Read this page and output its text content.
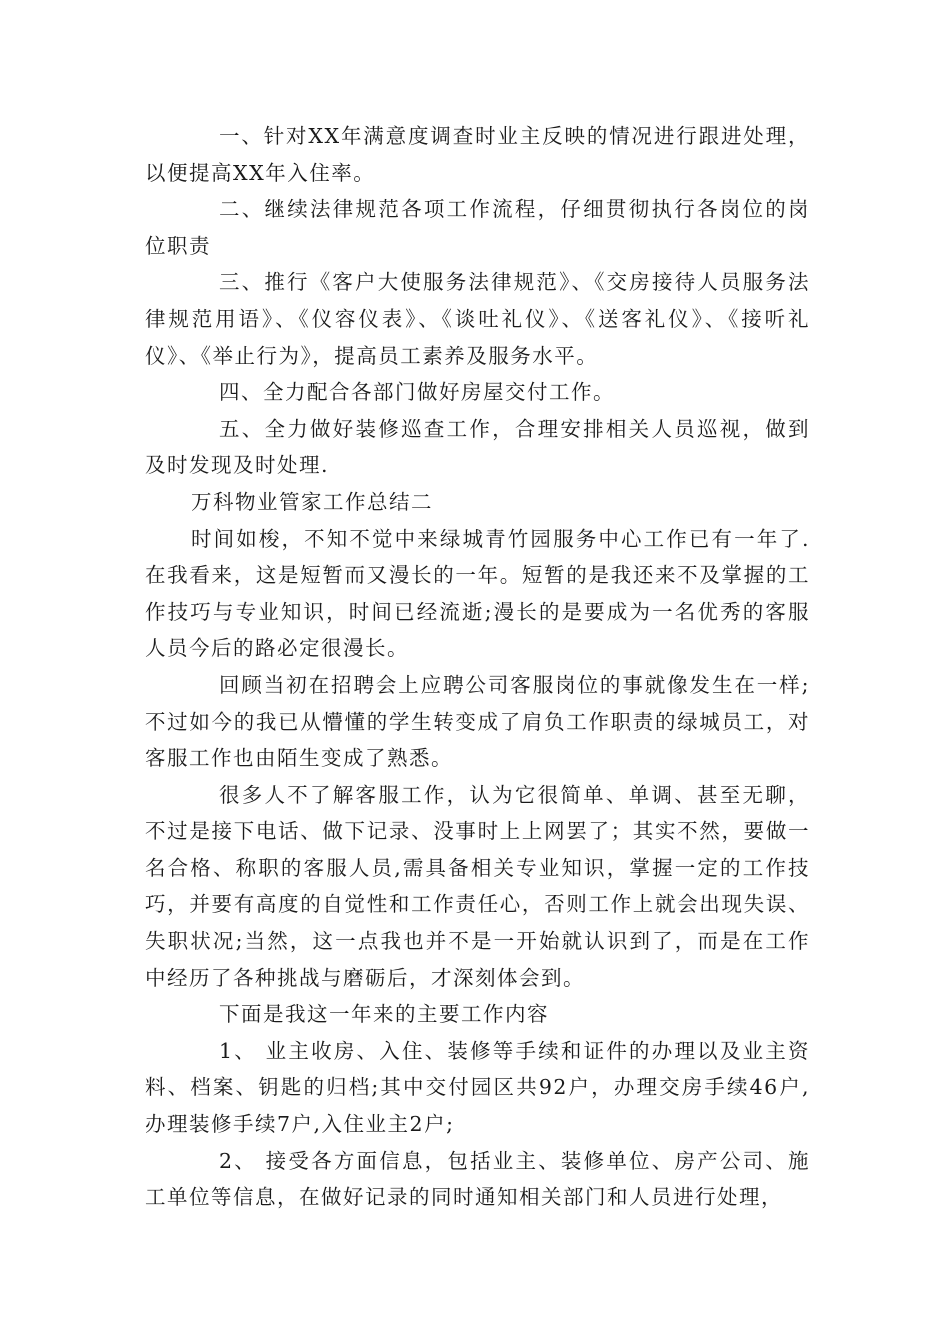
一、针对XX年满意度调查时业主反映的情况进行跟进处理，以便提高XX年入住率。

二、继续法律规范各项工作流程，仔细贯彻执行各岗位的岗位职责

三、推行《客户大使服务法律规范》、《交房接待人员服务法律规范用语》、《仪容仪表》、《谈吐礼仪》、《送客礼仪》、《接听礼仪》、《举止行为》，提高员工素养及服务水平。

四、全力配合各部门做好房屋交付工作。

五、全力做好装修巡查工作，合理安排相关人员巡视，做到及时发现及时处理.

万科物业管家工作总结二

时间如梭，不知不觉中来绿城青竹园服务中心工作已有一年了.在我看来，这是短暂而又漫长的一年。短暂的是我还来不及掌握的工作技巧与专业知识，时间已经流逝;漫长的是要成为一名优秀的客服人员今后的路必定很漫长。

回顾当初在招聘会上应聘公司客服岗位的事就像发生在一样;不过如今的我已从懵懂的学生转变成了肩负工作职责的绿城员工，对客服工作也由陌生变成了熟悉。

很多人不了解客服工作，认为它很简单、单调、甚至无聊，不过是接下电话、做下记录、没事时上上网罢了；其实不然，要做一名合格、称职的客服人员,需具备相关专业知识，掌握一定的工作技巧，并要有高度的自觉性和工作责任心，否则工作上就会出现失误、失职状况;当然，这一点我也并不是一开始就认识到了，而是在工作中经历了各种挑战与磨砺后，才深刻体会到。

下面是我这一年来的主要工作内容

1、 业主收房、入住、装修等手续和证件的办理以及业主资料、档案、钥匙的归档;其中交付园区共92户，办理交房手续46户,办理装修手续7户,入住业主2户;

2、 接受各方面信息，包括业主、装修单位、房产公司、施工单位等信息，在做好记录的同时通知相关部门和人员进行处理，
